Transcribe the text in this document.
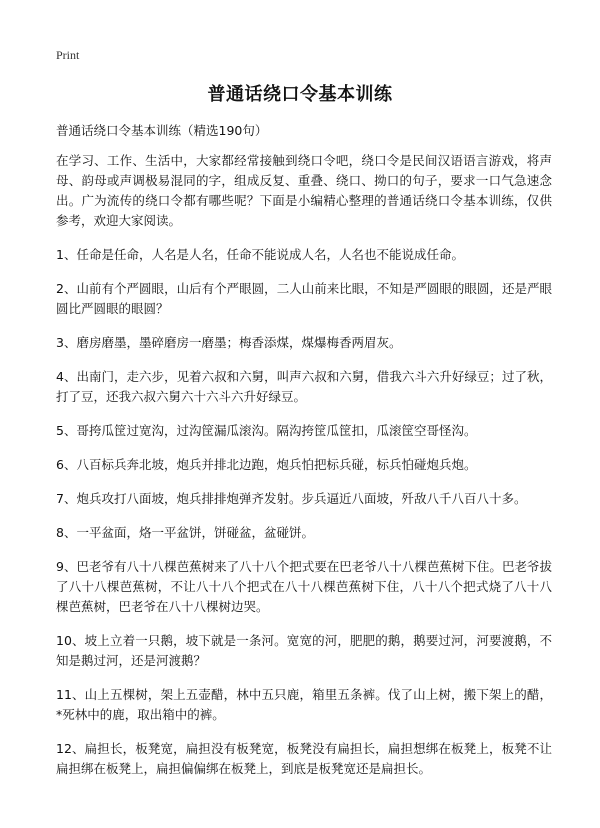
Print
普通话绕口令基本训练
普通话绕口令基本训练（精选190句）

在学习、工作、生活中，大家都经常接触到绕口令吧，绕口令是民间汉语语言游戏，将声母、韵母或声调极易混同的字，组成反复、重叠、绕口、拗口的句子，要求一口气急速念出。广为流传的绕口令都有哪些呢？下面是小编精心整理的普通话绕口令基本训练，仅供参考，欢迎大家阅读。

1、任命是任命，人名是人名，任命不能说成人名，人名也不能说成任命。

2、山前有个严圆眼，山后有个严眼圆，二人山前来比眼，不知是严圆眼的眼圆，还是严眼圆比严圆眼的眼圆？

3、磨房磨墨，墨碎磨房一磨墨；梅香添煤，煤爆梅香两眉灰。

4、出南门，走六步，见着六叔和六舅，叫声六叔和六舅，借我六斗六升好绿豆；过了秋，打了豆，还我六叔六舅六十六斗六升好绿豆。

5、哥挎瓜筐过宽沟，过沟筐漏瓜滚沟。隔沟挎筐瓜筐扣，瓜滚筐空哥怪沟。

6、八百标兵奔北坡，炮兵并排北边跑，炮兵怕把标兵碰，标兵怕碰炮兵炮。

7、炮兵攻打八面坡，炮兵排排炮弹齐发射。步兵逼近八面坡，歼敌八千八百八十多。

8、一平盆面，烙一平盆饼，饼碰盆，盆碰饼。

9、巴老爷有八十八棵芭蕉树来了八十八个把式要在巴老爷八十八棵芭蕉树下住。巴老爷拔了八十八棵芭蕉树，不让八十八个把式在八十八棵芭蕉树下住，八十八个把式烧了八十八棵芭蕉树，巴老爷在八十八棵树边哭。

10、坡上立着一只鹅，坡下就是一条河。宽宽的河，肥肥的鹅，鹅要过河，河要渡鹅，不知是鹅过河，还是河渡鹅？

11、山上五棵树，架上五壶醋，林中五只鹿，箱里五条裤。伐了山上树，搬下架上的醋，*死林中的鹿，取出箱中的裤。

12、扁担长，板凳宽，扁担没有板凳宽，板凳没有扁担长，扁担想绑在板凳上，板凳不让扁担绑在板凳上，扁担偏偏绑在板凳上，到底是板凳宽还是扁担长。
